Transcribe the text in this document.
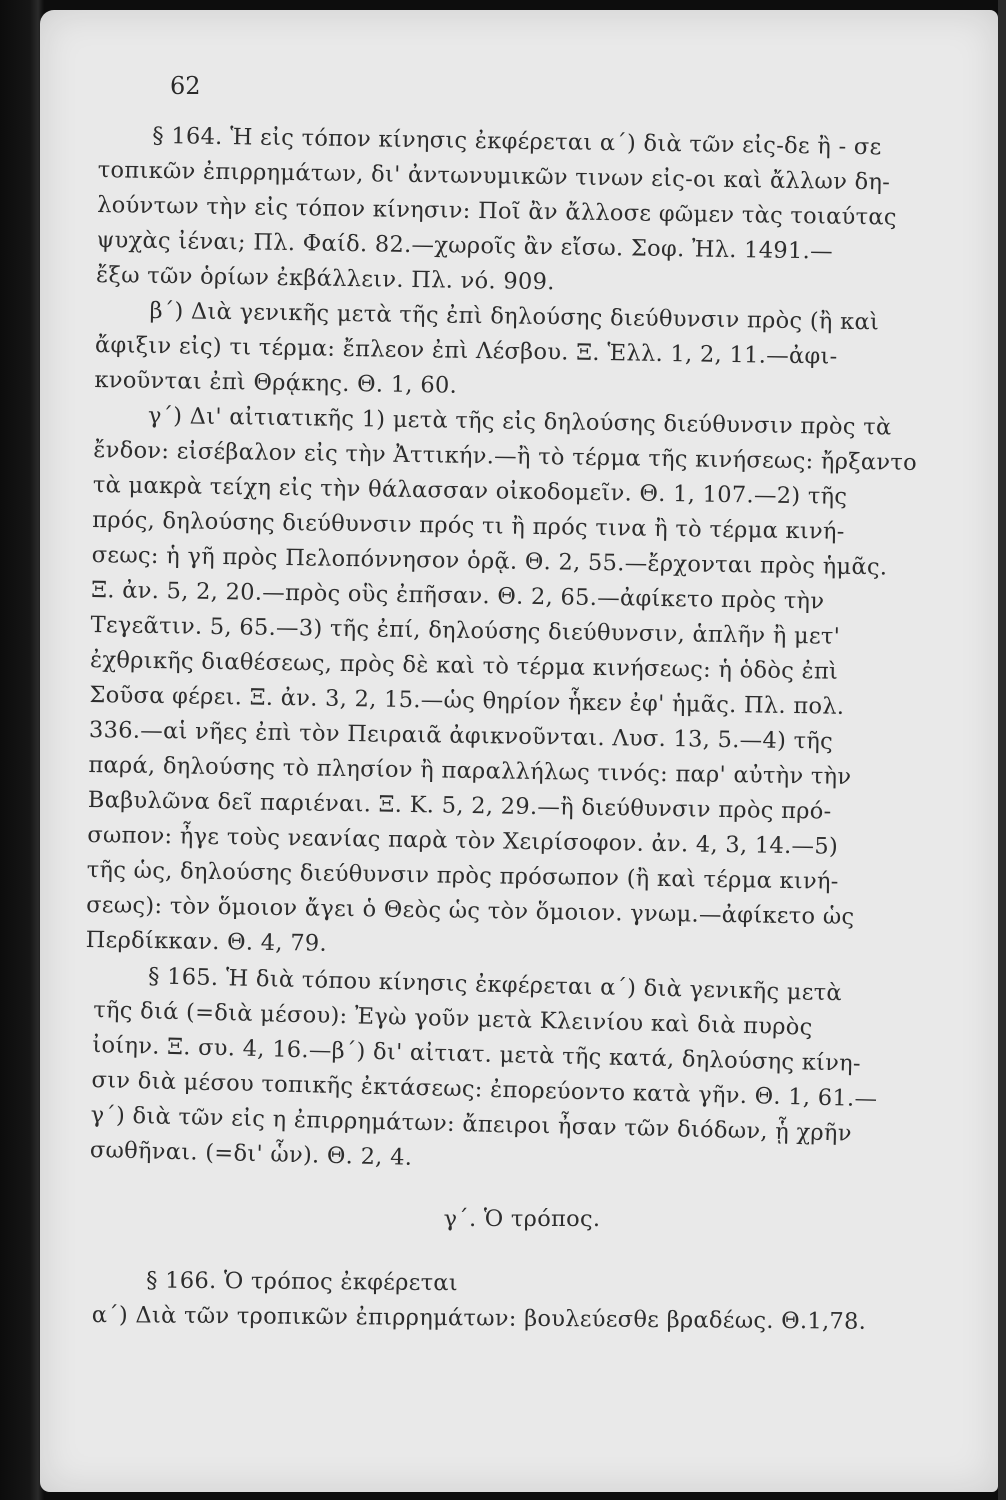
62
§ 164. Ἡ εἰς τόπον κίνησις ἐκφέρεται α΄) διὰ τῶν εἰς-δε ἢ - σε
τοπικῶν ἐπιρρημάτων, δι' ἀντωνυμικῶν τινων εἰς-οι καὶ ἄλλων δη-
λούντων τὴν εἰς τόπον κίνησιν: Ποῖ ἂν ἄλλοσε φῶμεν τὰς τοιαύτας
ψυχὰς ἰέναι; Πλ. Φαίδ. 82.—χωροῖς ἂν εἴσω. Σοφ. Ἠλ. 1491.—
ἔξω τῶν ὁρίων ἐκβάλλειν. Πλ. νό. 909.
β΄) Διὰ γενικῆς μετὰ τῆς ἐπὶ δηλούσης διεύθυνσιν πρὸς (ἢ καὶ
ἄφιξιν εἰς) τι τέρμα: ἔπλεον ἐπὶ Λέσβου. Ξ. Ἑλλ. 1, 2, 11.—ἀφι-
κνοῦνται ἐπὶ Θρᾴκης. Θ. 1, 60.
γ΄) Δι' αἰτιατικῆς 1) μετὰ τῆς εἰς δηλούσης διεύθυνσιν πρὸς τὰ
ἔνδον: εἰσέβαλον εἰς τὴν Ἀττικήν.—ἢ τὸ τέρμα τῆς κινήσεως: ἤρξαντο
τὰ μακρὰ τείχη εἰς τὴν θάλασσαν οἰκοδομεῖν. Θ. 1, 107.—2) τῆς
πρός, δηλούσης διεύθυνσιν πρός τι ἢ πρός τινα ἢ τὸ τέρμα κινή-
σεως: ἡ γῆ πρὸς Πελοπόννησον ὁρᾷ. Θ. 2, 55.—ἔρχονται πρὸς ἡμᾶς.
Ξ. ἀν. 5, 2, 20.—πρὸς οὓς ἐπῆσαν. Θ. 2, 65.—ἀφίκετο πρὸς τὴν
Τεγεᾶτιν. 5, 65.—3) τῆς ἐπί, δηλούσης διεύθυνσιν, ἁπλῆν ἢ μετ'
ἐχθρικῆς διαθέσεως, πρὸς δὲ καὶ τὸ τέρμα κινήσεως: ἡ ὁδὸς ἐπὶ
Σοῦσα φέρει. Ξ. ἀν. 3, 2, 15.—ὡς θηρίον ἧκεν ἐφ' ἡμᾶς. Πλ. πολ.
336.—αἱ νῆες ἐπὶ τὸν Πειραιᾶ ἀφικνοῦνται. Λυσ. 13, 5.—4) τῆς
παρά, δηλούσης τὸ πλησίον ἢ παραλλήλως τινός: παρ' αὐτὴν τὴν
Βαβυλῶνα δεῖ παριέναι. Ξ. Κ. 5, 2, 29.—ἢ διεύθυνσιν πρὸς πρό-
σωπον: ἦγε τοὺς νεανίας παρὰ τὸν Χειρίσοφον. ἀν. 4, 3, 14.—5)
τῆς ὡς, δηλούσης διεύθυνσιν πρὸς πρόσωπον (ἢ καὶ τέρμα κινή-
σεως): τὸν ὅμοιον ἄγει ὁ Θεὸς ὡς τὸν ὅμοιον. γνωμ.—ἀφίκετο ὡς
Περδίκκαν. Θ. 4, 79.
§ 165. Ἡ διὰ τόπου κίνησις ἐκφέρεται α΄) διὰ γενικῆς μετὰ
τῆς διά (=διὰ μέσου): Ἐγὼ γοῦν μετὰ Κλεινίου καὶ διὰ πυρὸς
ἰοίην. Ξ. συ. 4, 16.—β΄) δι' αἰτιατ. μετὰ τῆς κατά, δηλούσης κίνη-
σιν διὰ μέσου τοπικῆς ἐκτάσεως: ἐπορεύοντο κατὰ γῆν. Θ. 1, 61.—
γ΄) διὰ τῶν εἰς η ἐπιρρημάτων: ἄπειροι ἦσαν τῶν διόδων, ᾗ χρῆν
σωθῆναι. (=δι' ὧν). Θ. 2, 4.
γ΄. Ὁ τρόπος.
§ 166. Ὁ τρόπος ἐκφέρεται
α΄) Διὰ τῶν τροπικῶν ἐπιρρημάτων: βουλεύεσθε βραδέως. Θ.1,78.
